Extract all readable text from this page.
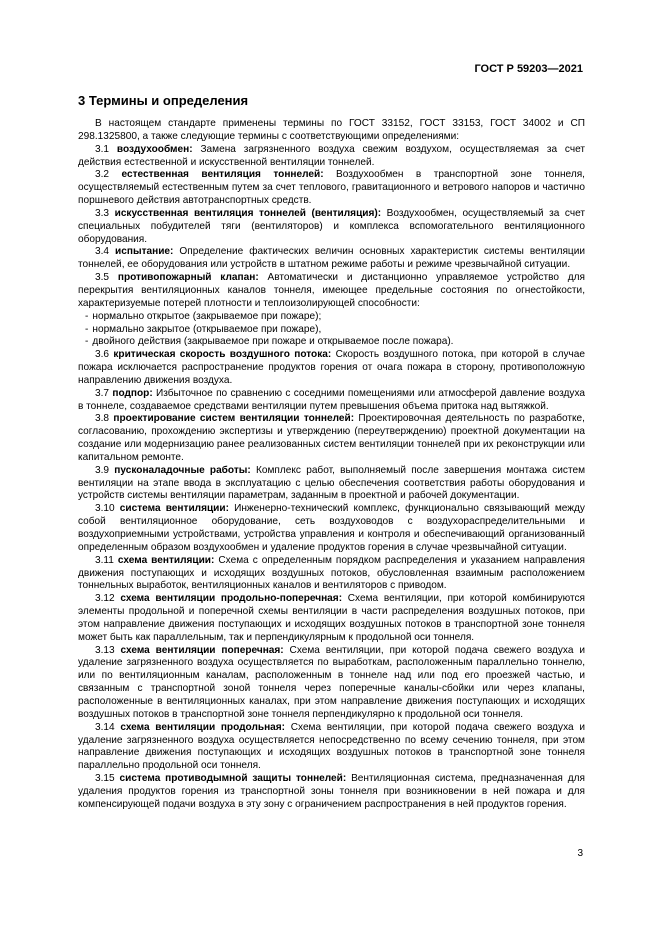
ГОСТ Р 59203—2021
3 Термины и определения

В настоящем стандарте применены термины по ГОСТ 33152, ГОСТ 33153, ГОСТ 34002 и СП 298.1325800, а также следующие термины с соответствующими определениями:

3.1 воздухообмен: Замена загрязненного воздуха свежим воздухом, осуществляемая за счет действия естественной и искусственной вентиляции тоннелей.

3.2 естественная вентиляция тоннелей: Воздухообмен в транспортной зоне тоннеля, осуществляемый естественным путем за счет теплового, гравитационного и ветрового напоров и частично поршневого действия автотранспортных средств.

3.3 искусственная вентиляция тоннелей (вентиляция): Воздухообмен, осуществляемый за счет специальных побудителей тяги (вентиляторов) и комплекса вспомогательного вентиляционного оборудования.

3.4 испытание: Определение фактических величин основных характеристик системы вентиляции тоннелей, ее оборудования или устройств в штатном режиме работы и режиме чрезвычайной ситуации.

3.5 противопожарный клапан: Автоматически и дистанционно управляемое устройство для перекрытия вентиляционных каналов тоннеля, имеющее предельные состояния по огнестойкости, характеризуемые потерей плотности и теплоизолирующей способности:

- нормально открытое (закрываемое при пожаре);
- нормально закрытое (открываемое при пожаре),
- двойного действия (закрываемое при пожаре и открываемое после пожара).

3.6 критическая скорость воздушного потока: Скорость воздушного потока, при которой в случае пожара исключается распространение продуктов горения от очага пожара в сторону, противоположную направлению движения воздуха.

3.7 подпор: Избыточное по сравнению с соседними помещениями или атмосферой давление воздуха в тоннеле, создаваемое средствами вентиляции путем превышения объема притока над вытяжкой.

3.8 проектирование систем вентиляции тоннелей: Проектировочная деятельность по разработке, согласованию, прохождению экспертизы и утверждению (переутверждению) проектной документации на создание или модернизацию ранее реализованных систем вентиляции тоннелей при их реконструкции или капитальном ремонте.

3.9 пусконаладочные работы: Комплекс работ, выполняемый после завершения монтажа систем вентиляции на этапе ввода в эксплуатацию с целью обеспечения соответствия работы оборудования и устройств системы вентиляции параметрам, заданным в проектной и рабочей документации.

3.10 система вентиляции: Инженерно-технический комплекс, функционально связывающий между собой вентиляционное оборудование, сеть воздуховодов с воздухораспределительными и воздухоприемными устройствами, устройства управления и контроля и обеспечивающий организованный определенным образом воздухообмен и удаление продуктов горения в случае чрезвычайной ситуации.

3.11 схема вентиляции: Схема с определенным порядком распределения и указанием направления движения поступающих и исходящих воздушных потоков, обусловленная взаимным расположением тоннельных выработок, вентиляционных каналов и вентиляторов с приводом.

3.12 схема вентиляции продольно-поперечная: Схема вентиляции, при которой комбинируются элементы продольной и поперечной схемы вентиляции в части распределения воздушных потоков, при этом направление движения поступающих и исходящих воздушных потоков в транспортной зоне тоннеля может быть как параллельным, так и перпендикулярным к продольной оси тоннеля.

3.13 схема вентиляции поперечная: Схема вентиляции, при которой подача свежего воздуха и удаление загрязненного воздуха осуществляется по выработкам, расположенным параллельно тоннелю, или по вентиляционным каналам, расположенным в тоннеле над или под его проезжей частью, и связанным с транспортной зоной тоннеля через поперечные каналы-сбойки или через клапаны, расположенные в вентиляционных каналах, при этом направление движения поступающих и исходящих воздушных потоков в транспортной зоне тоннеля перпендикулярно к продольной оси тоннеля.

3.14 схема вентиляции продольная: Схема вентиляции, при которой подача свежего воздуха и удаление загрязненного воздуха осуществляется непосредственно по всему сечению тоннеля, при этом направление движения поступающих и исходящих воздушных потоков в транспортной зоне тоннеля параллельно продольной оси тоннеля.

3.15 система противодымной защиты тоннелей: Вентиляционная система, предназначенная для удаления продуктов горения из транспортной зоны тоннеля при возникновении в ней пожара и для компенсирующей подачи воздуха в эту зону с ограничением распространения в ней продуктов горения.

3
